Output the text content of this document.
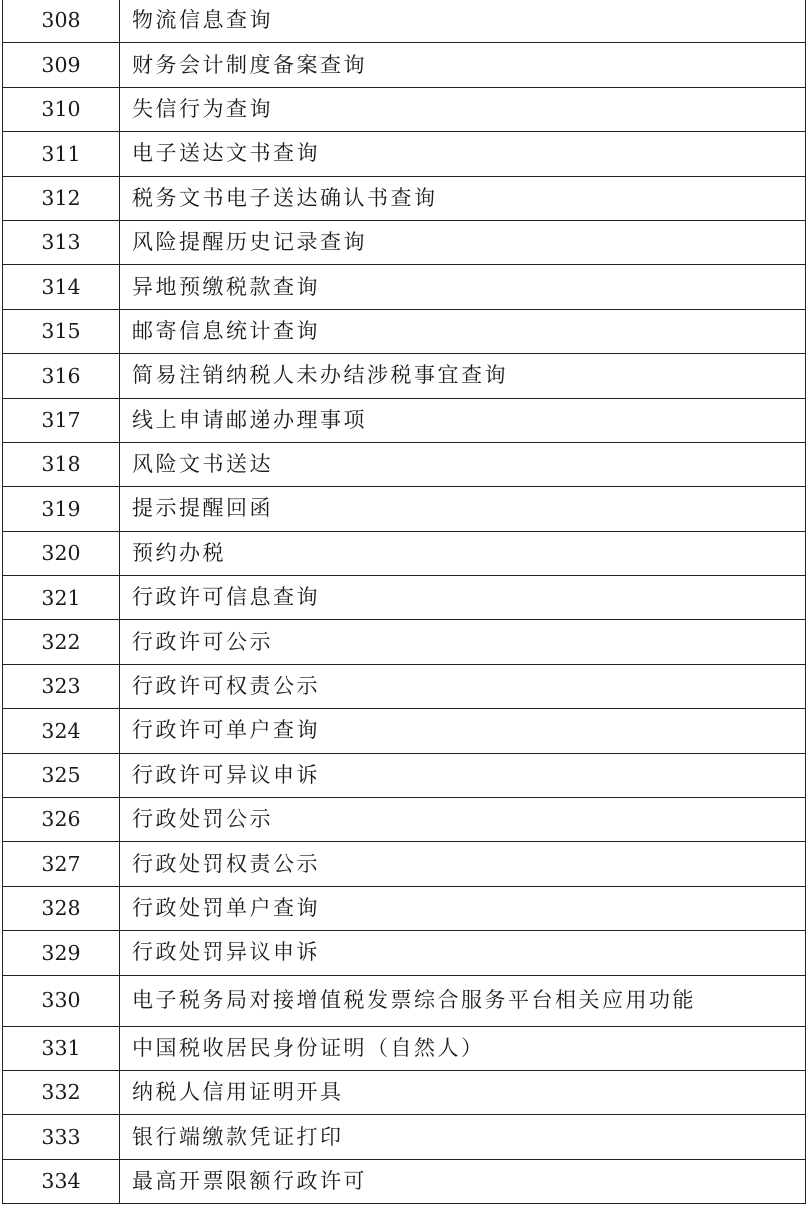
308	物流信息查询
309	财务会计制度备案查询
310	失信行为查询
311	电子送达文书查询
312	税务文书电子送达确认书查询
313	风险提醒历史记录查询
314	异地预缴税款查询
315	邮寄信息统计查询
316	简易注销纳税人未办结涉税事宜查询
317	线上申请邮递办理事项
318	风险文书送达
319	提示提醒回函
320	预约办税
321	行政许可信息查询
322	行政许可公示
323	行政许可权责公示
324	行政许可单户查询
325	行政许可异议申诉
326	行政处罚公示
327	行政处罚权责公示
328	行政处罚单户查询
329	行政处罚异议申诉
330	电子税务局对接增值税发票综合服务平台相关应用功能
331	中国税收居民身份证明（自然人）
332	纳税人信用证明开具
333	银行端缴款凭证打印
334	最高开票限额行政许可
